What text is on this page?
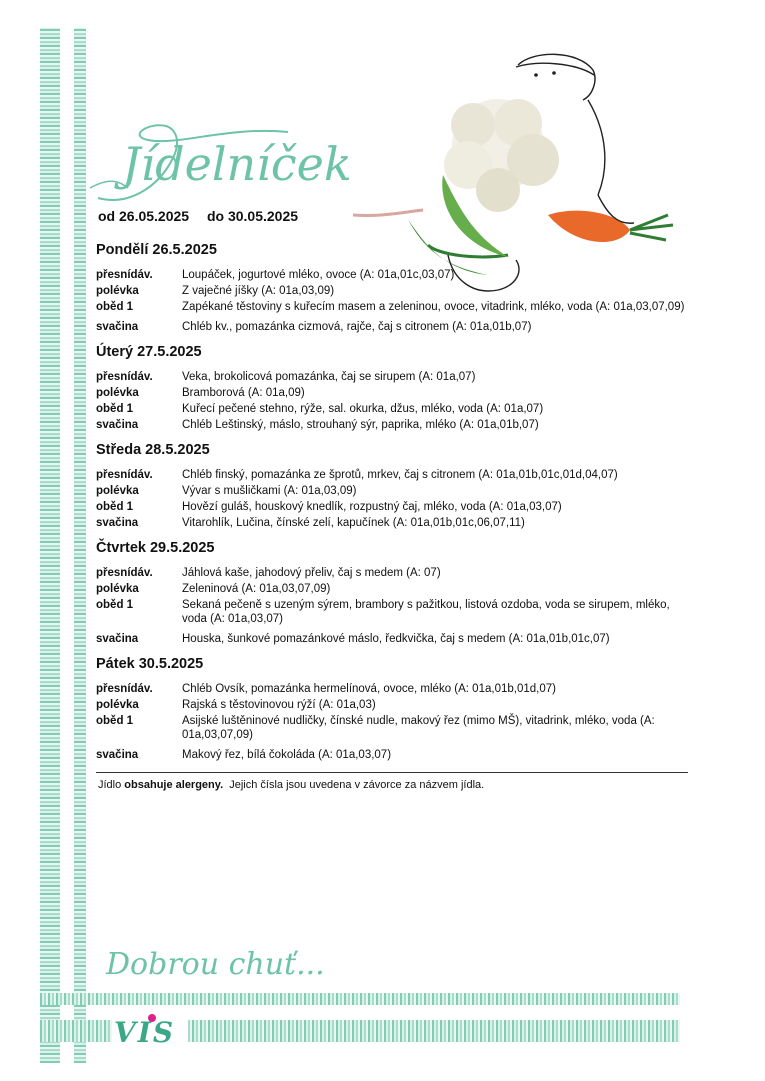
Jídelníček
od 26.05.2025 do 30.05.2025
Pondělí 26.5.2025
přesnídáv.	Loupáček, jogurtové mléko, ovoce (A: 01a,01c,03,07)
polévka	Z vaječné jíšky (A: 01a,03,09)
oběd 1	Zapékané těstoviny s kuřecím masem a zeleninou, ovoce, vitadrink, mléko, voda (A: 01a,03,07,09)
svačina	Chléb kv., pomazánka cizmová, rajče, čaj s citronem (A: 01a,01b,07)
Úterý 27.5.2025
přesnídáv.	Veka, brokolicová pomazánka, čaj se sirupem (A: 01a,07)
polévka	Bramborová (A: 01a,09)
oběd 1	Kuřecí pečené stehno, rýže, sal. okurka, džus, mléko, voda (A: 01a,07)
svačina	Chléb Leštinský, máslo, strouhaný sýr, paprika, mléko (A: 01a,01b,07)
Středa 28.5.2025
přesnídáv.	Chléb finský, pomazánka ze šprotů, mrkev, čaj s citronem (A: 01a,01b,01c,01d,04,07)
polévka	Vývar s mušličkami (A: 01a,03,09)
oběd 1	Hovězí guláš, houskový knedlík, rozpustný čaj, mléko, voda (A: 01a,03,07)
svačina	Vitarohlík, Lučina, čínské zelí, kapučínek (A: 01a,01b,01c,06,07,11)
Čtvrtek 29.5.2025
přesnídáv.	Jáhlová kaše, jahodový přeliv, čaj s medem (A: 07)
polévka	Zeleninová (A: 01a,03,07,09)
oběd 1	Sekaná pečeně s uzeným sýrem, brambory s pažitkou, listová ozdoba, voda se sirupem, mléko, voda (A: 01a,03,07)
svačina	Houska, šunkové pomazánkové máslo, ředkvička, čaj s medem (A: 01a,01b,01c,07)
Pátek 30.5.2025
přesnídáv.	Chléb Ovsík, pomazánka hermelínová, ovoce, mléko (A: 01a,01b,01d,07)
polévka	Rajská s těstovinovou rýží (A: 01a,03)
oběd 1	Asijské luštěninové nudličky, čínské nudle, makový řez (mimo MŠ), vitadrink, mléko, voda (A: 01a,03,07,09)
svačina	Makový řez, bílá čokoláda (A: 01a,03,07)
Jídlo obsahuje alergeny.  Jejich čísla jsou uvedena v závorce za názvem jídla.
Dobrou chuť...
VIS
